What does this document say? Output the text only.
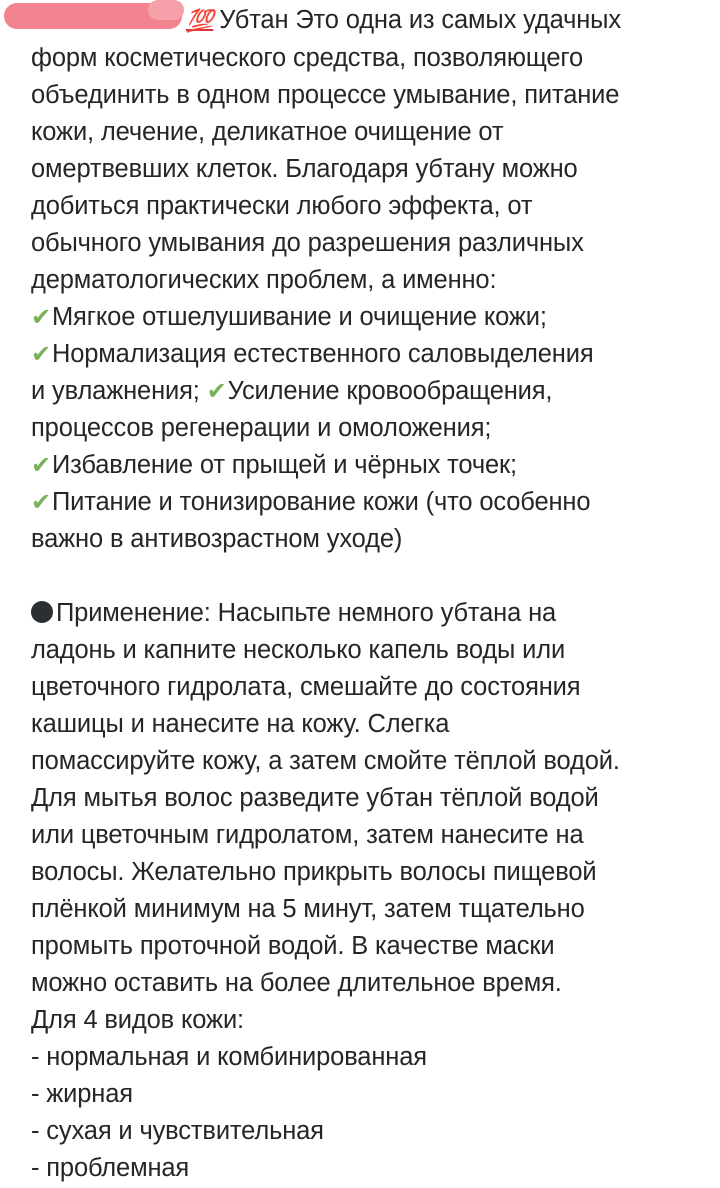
💯 Убтан Это одна из самых удачных
форм косметического средства, позволяющего
объединить в одном процессе умывание, питание
кожи, лечение, деликатное очищение от
омертвевших клеток. Благодаря убтану можно
добиться практически любого эффекта, от
обычного умывания до разрешения различных
дерматологических проблем, а именно:
✔Мягкое отшелушивание и очищение кожи;
✔Нормализация естественного саловыделения
и увлажнения; ✔Усиление кровообращения,
процессов регенерации и омоложения;
✔Избавление от прыщей и чёрных точек;
✔Питание и тонизирование кожи (что особенно
важно в антивозрастном уходе)
Применение: Насыпьте немного убтана на
ладонь и капните несколько капель воды или
цветочного гидролата, смешайте до состояния
кашицы и нанесите на кожу. Слегка
помассируйте кожу, а затем смойте тёплой водой.
Для мытья волос разведите убтан тёплой водой
или цветочным гидролатом, затем нанесите на
волосы. Желательно прикрыть волосы пищевой
плёнкой минимум на 5 минут, затем тщательно
промыть проточной водой. В качестве маски
можно оставить на более длительное время.
Для 4 видов кожи:
- нормальная и комбинированная
- жирная
- сухая и чувствительная
- проблемная
